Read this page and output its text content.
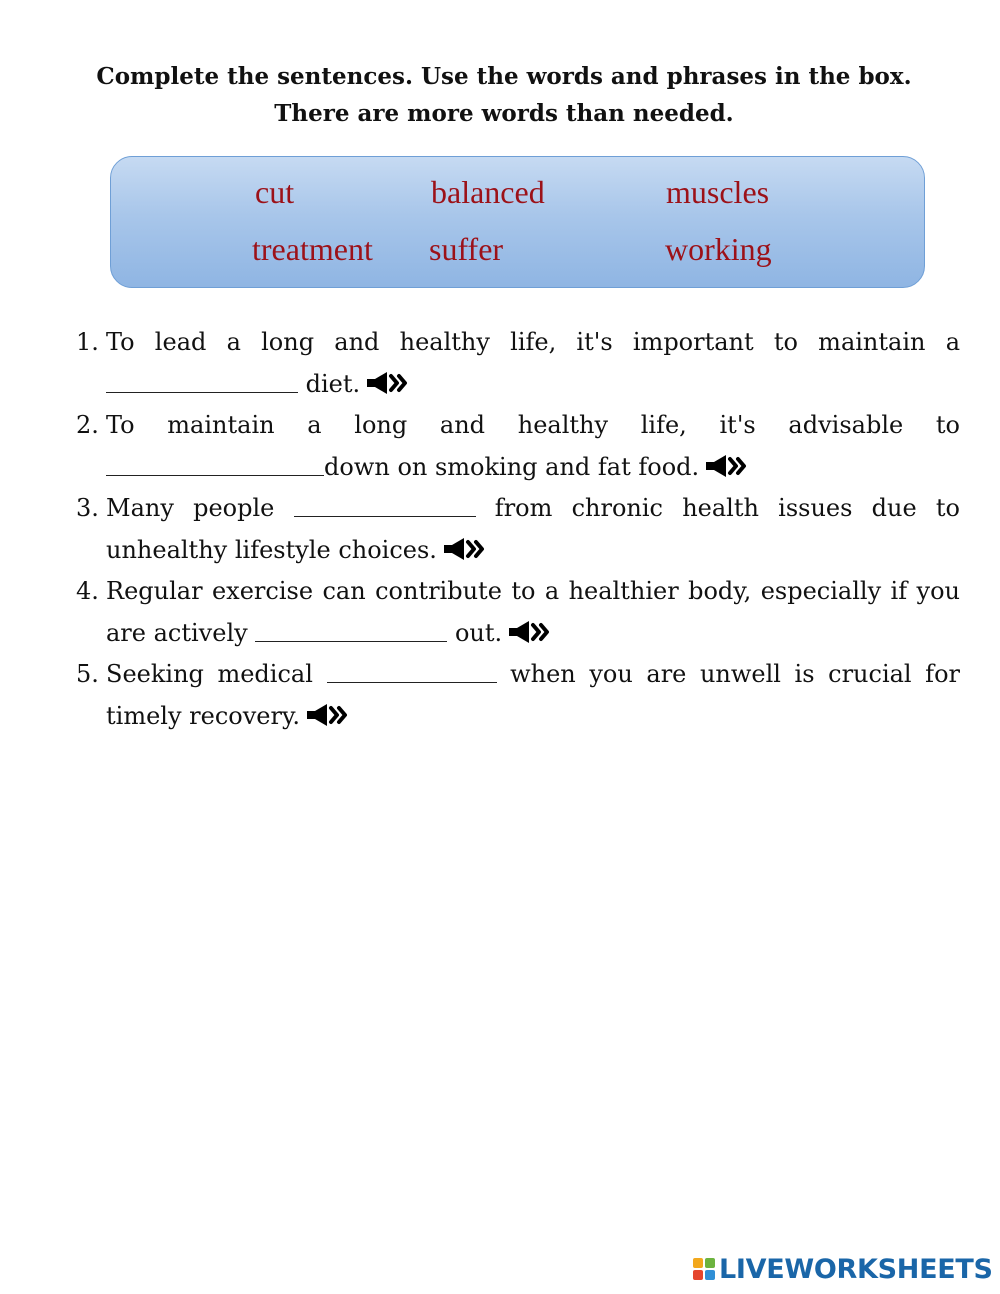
Complete the sentences. Use the words and phrases in the box.
There are more words than needed.
cut	balanced	muscles
treatment suffer	working
1. To lead a long and healthy life, it's important to maintain a  diet.
2. To maintain a long and healthy life, it's advisable to down on smoking and fat food.
3. Many people	from chronic health issues due to unhealthy lifestyle choices.
4. Regular exercise can contribute to a healthier body, especially if you are actively	out.
5. Seeking medical	when you are unwell is crucial for timely recovery.
LIVEWORKSHEETS
